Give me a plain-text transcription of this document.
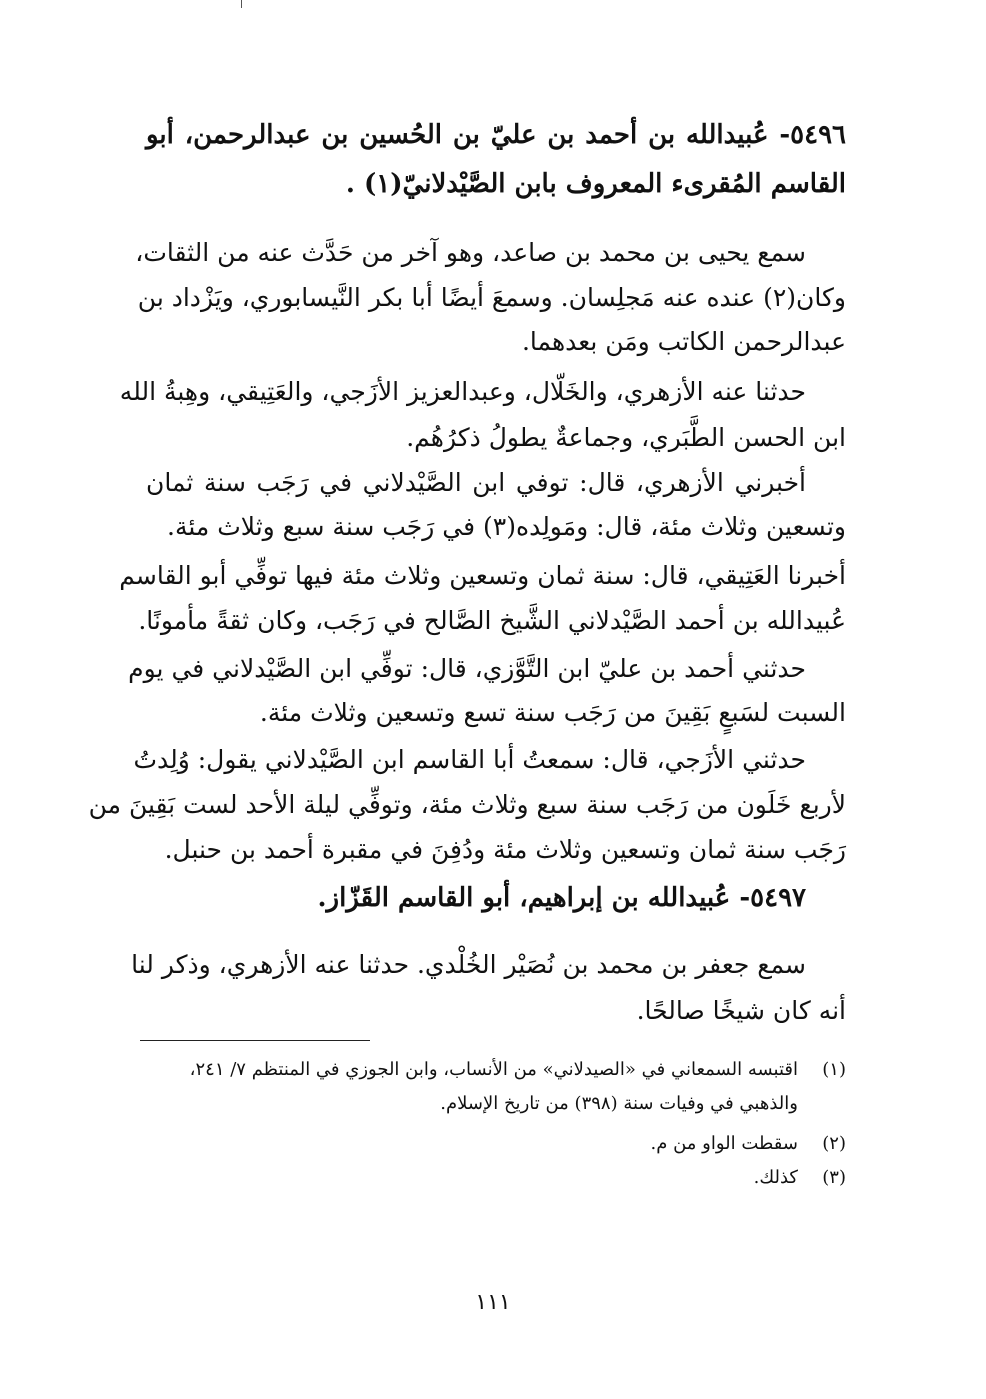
٥٤٩٦- عُبيدالله بن أحمد بن عليّ بن الحُسين بن عبدالرحمن، أبو
القاسم المُقرىء المعروف بابن الصَّيْدلانيّ(١) .
سمع يحيى بن محمد بن صاعد، وهو آخر من حَدَّث عنه من الثقات،
وكان(٢) عنده عنه مَجلِسان. وسمعَ أيضًا أبا بكر النَّيسابوري، ويَزْداد بن
عبدالرحمن الكاتب ومَن بعدهما.
حدثنا عنه الأزهري، والخَلّال، وعبدالعزيز الأزَجي، والعَتِيقي، وهِبةُ الله
ابن الحسن الطَّبَري، وجماعةٌ يطولُ ذكرُهُم.
أخبرني الأزهري، قال: توفي ابن الصَّيْدلاني في رَجَب سنة ثمان
وتسعين وثلاث مئة، قال: ومَولِده(٣) في رَجَب سنة سبع وثلاث مئة.
أخبرنا العَتِيقي، قال: سنة ثمان وتسعين وثلاث مئة فيها توفِّي أبو القاسم
عُبيدالله بن أحمد الصَّيْدلاني الشَّيخ الصَّالح في رَجَب، وكان ثقةً مأمونًا.
حدثني أحمد بن عليّ ابن التَّوَّزي، قال: توفِّي ابن الصَّيْدلاني في يوم
السبت لسَبعٍ بَقِينَ من رَجَب سنة تسع وتسعين وثلاث مئة.
حدثني الأزَجي، قال: سمعتُ أبا القاسم ابن الصَّيْدلاني يقول: وُلِدتُ
لأربع خَلَون من رَجَب سنة سبع وثلاث مئة، وتوفِّي ليلة الأحد لست بَقِينَ من
رَجَب سنة ثمان وتسعين وثلاث مئة ودُفِنَ في مقبرة أحمد بن حنبل.
٥٤٩٧- عُبيدالله بن إبراهيم، أبو القاسم القَزّاز.
سمع جعفر بن محمد بن نُصَيْر الخُلْدي. حدثنا عنه الأزهري، وذكر لنا
أنه كان شيخًا صالحًا.
(١)اقتبسه السمعاني في «الصيدلاني» من الأنساب، وابن الجوزي في المنتظم ٧/ ٢٤١،
والذهبي في وفيات سنة (٣٩٨) من تاريخ الإسلام.
(٢)سقطت الواو من م.
(٣)كذلك.
١١١
